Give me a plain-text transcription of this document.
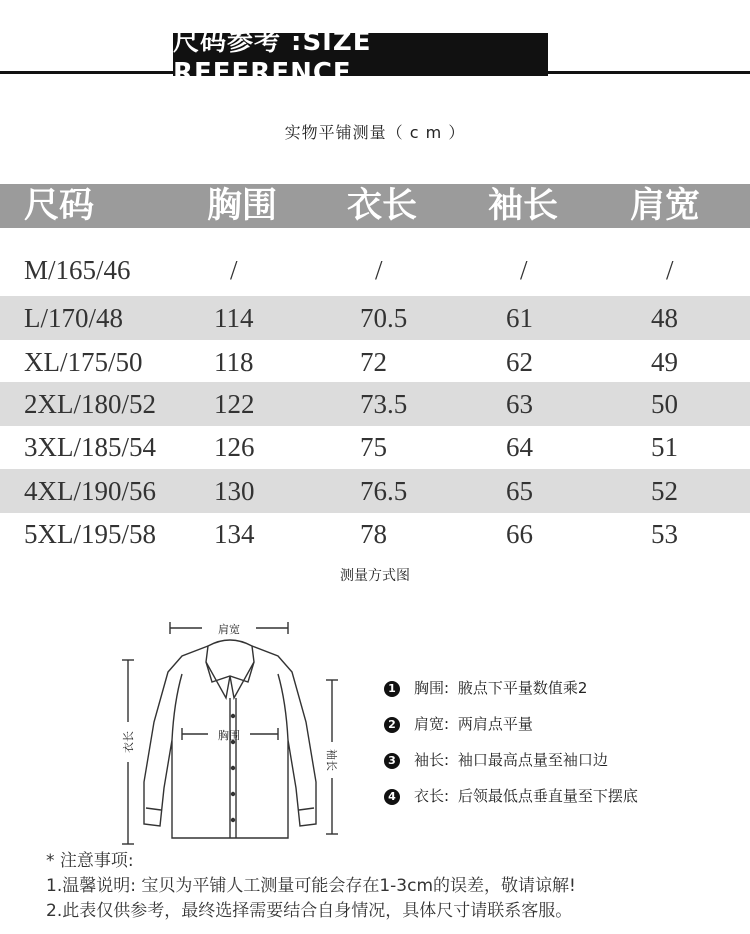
尺码参考 :SIZE REFERENCE
实物平铺测量（ c m ）
尺码	胸围 衣长 袖长 肩宽
M/165/46	/	/	/	/
L/170/48	114	70.5	61	48
XL/175/50	118	72	62	49
2XL/180/52 122	73.5	63	50
3XL/185/54 126	75	64	51
4XL/190/56 130	76.5	65	52
5XL/195/58 134	78	66	53
测量方式图
肩宽
胸围
衣长
袖长
1 胸围: 腋点下平量数值乘2
2 肩宽: 两肩点平量
3 袖长: 袖口最高点量至袖口边
4 衣长: 后领最低点垂直量至下摆底
* 注意事项:
1.温馨说明: 宝贝为平铺人工测量可能会存在1-3cm的误差，敬请谅解!
2.此表仅供参考，最终选择需要结合自身情况，具体尺寸请联系客服。
